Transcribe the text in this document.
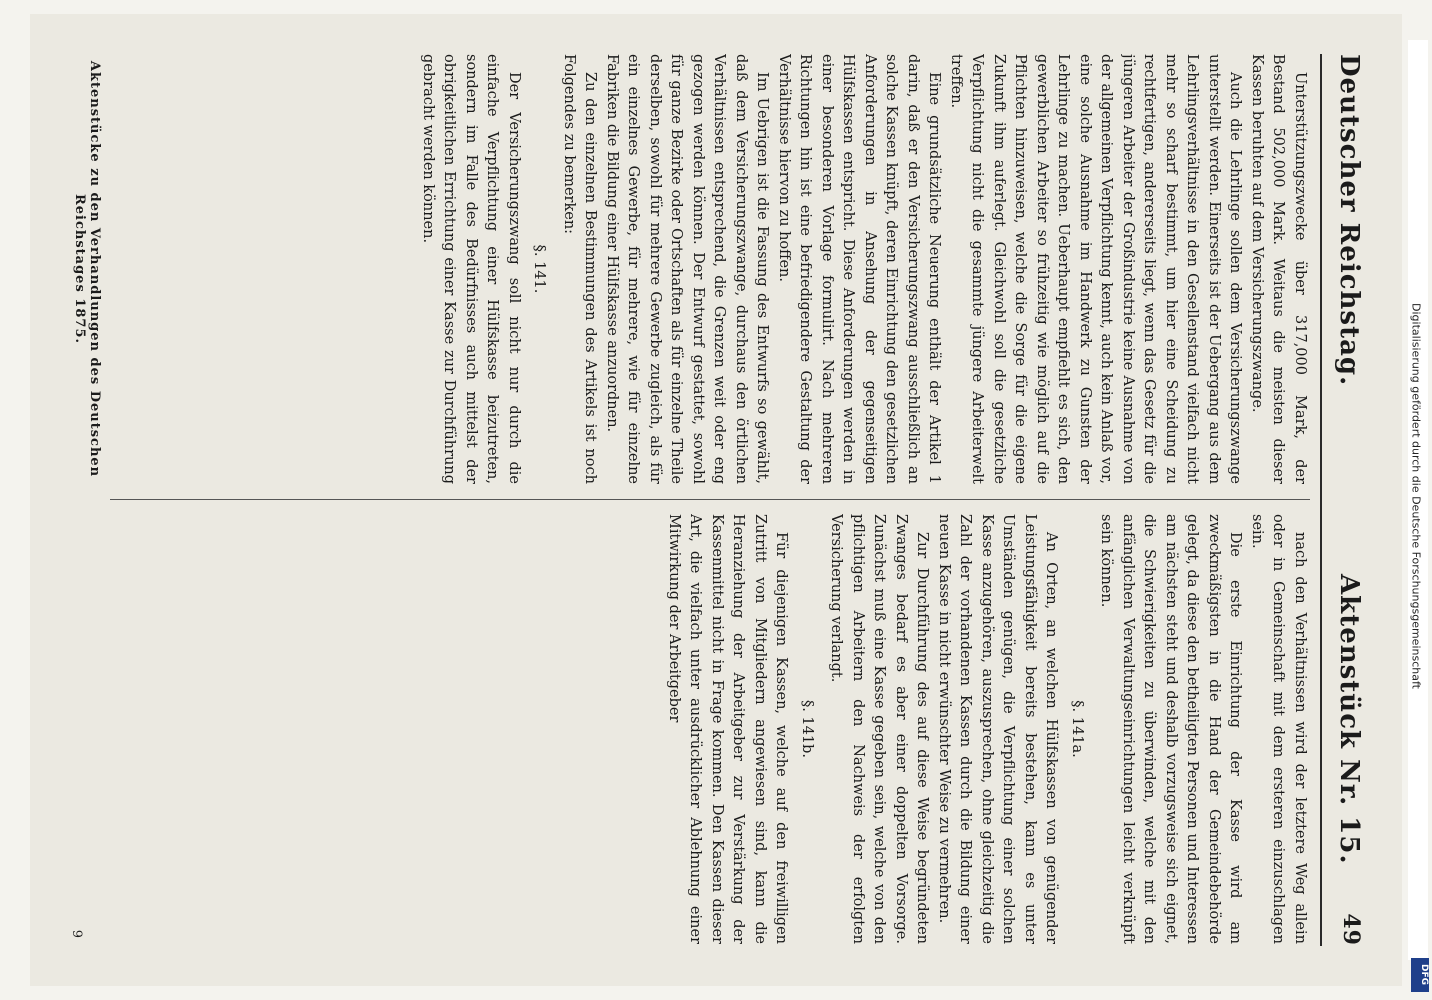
Deutscher Reichstag.
Aktenstück Nr. 15.
49

Unterstützungszwecke über 317,000 Mark, der Bestand 502,000 Mark. Weitaus die meisten dieser Kassen beruhten auf dem Versicherungszwange.

Auch die Lehrlinge sollen dem Versicherungszwange unterstellt werden. Einerseits ist der Uebergang aus dem Lehrlingsverhältnisse in den Gesellenstand vielfach nicht mehr so scharf bestimmt, um hier eine Scheidung zu rechtfertigen, andererseits liegt, wenn das Gesetz für die jüngeren Arbeiter der Großindustrie keine Ausnahme von der allgemeinen Verpflichtung kennt, auch kein Anlaß vor, eine solche Ausnahme im Handwerk zu Gunsten der Lehrlinge zu machen. Ueberhaupt empfiehlt es sich, den gewerblichen Arbeiter so frühzeitig wie möglich auf die Pflichten hinzuweisen, welche die Sorge für die eigene Zukunft ihm auferlegt. Gleichwohl soll die gesetzliche Verpflichtung nicht die gesammte jüngere Arbeiterwelt treffen.

Eine grundsätzliche Neuerung enthält der Artikel 1 darin, daß er den Versicherungszwang ausschließlich an solche Kassen knüpft, deren Einrichtung den gesetzlichen Anforderungen in Ansehung der gegenseitigen Hülfskassen entspricht. Diese Anforderungen werden in einer besonderen Vorlage formulirt. Nach mehreren Richtungen hin ist eine befriedigendere Gestaltung der Verhältnisse hiervon zu hoffen.

Im Uebrigen ist die Fassung des Entwurfs so gewählt, daß dem Versicherungszwange, durchaus den örtlichen Verhältnissen entsprechend, die Grenzen weit oder eng gezogen werden können. Der Entwurf gestattet, sowohl für ganze Bezirke oder Ortschaften als für einzelne Theile derselben, sowohl für mehrere Gewerbe zugleich, als für ein einzelnes Gewerbe, für mehrere, wie für einzelne Fabriken die Bildung einer Hülfskasse anzuordnen.

Zu den einzelnen Bestimmungen des Artikels ist noch Folgendes zu bemerken:

§. 141.

Der Versicherungszwang soll nicht nur durch die einfache Verpflichtung einer Hülfskasse beizutreten, sondern im Falle des Bedürfnisses auch mittelst der obrigkeitlichen Errichtung einer Kasse zur Durchführung gebracht werden können.

nach den Verhältnissen wird der letztere Weg allein oder in Gemeinschaft mit dem ersteren einzuschlagen sein.

Die erste Einrichtung der Kasse wird am zweckmäßigsten in die Hand der Gemeindebehörde gelegt, da diese den betheiligten Personen und Interessen am nächsten steht und deshalb vorzugsweise sich eignet, die Schwierigkeiten zu überwinden, welche mit den anfänglichen Verwaltungseinrichtungen leicht verknüpft sein können.

§. 141a.

An Orten, an welchen Hülfskassen von genügender Leistungsfähigkeit bereits bestehen, kann es unter Umständen genügen, die Verpflichtung einer solchen Kasse anzugehören, auszusprechen, ohne gleichzeitig die Zahl der vorhandenen Kassen durch die Bildung einer neuen Kasse in nicht erwünschter Weise zu vermehren.

Zur Durchführung des auf diese Weise begründeten Zwanges bedarf es aber einer doppelten Vorsorge. Zunächst muß eine Kasse gegeben sein, welche von den pflichtigen Arbeitern den Nachweis der erfolgten Versicherung verlangt.

§. 141b.

Für diejenigen Kassen, welche auf den freiwilligen Zutritt von Mitgliedern angewiesen sind, kann die Heranziehung der Arbeitgeber zur Verstärkung der Kassenmittel nicht in Frage kommen. Den Kassen dieser Art, die vielfach unter ausdrücklicher Ablehnung einer Mitwirkung der Arbeitgeber

Aktenstücke zu den Verhandlungen des Deutschen Reichstages 1875.
9
Digitalisierung gefördert durch die Deutsche Forschungsgemeinschaft
DFG
